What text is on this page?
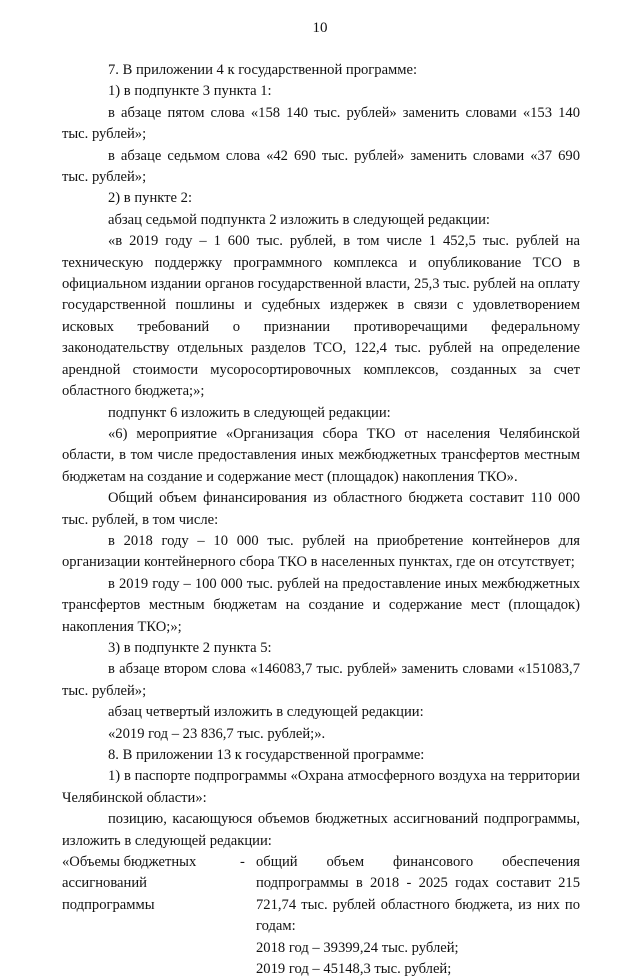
10

7. В приложении 4 к государственной программе:

1) в подпункте 3 пункта 1:

в абзаце пятом слова «158 140 тыс. рублей» заменить словами «153 140 тыс. рублей»;

в абзаце седьмом слова «42 690 тыс. рублей» заменить словами «37 690 тыс. рублей»;

2) в пункте 2:

абзац седьмой подпункта 2 изложить в следующей редакции:

«в 2019 году – 1 600 тыс. рублей, в том числе 1 452,5 тыс. рублей на техническую поддержку программного комплекса и опубликование ТСО в официальном издании органов государственной власти, 25,3 тыс. рублей на оплату государственной пошлины и судебных издержек в связи с удовлетворением исковых требований о признании противоречащими федеральному законодательству отдельных разделов ТСО, 122,4 тыс. рублей на определение арендной стоимости мусоросортировочных комплексов, созданных за счет областного бюджета;»;

подпункт 6 изложить в следующей редакции:

«6) мероприятие «Организация сбора ТКО от населения Челябинской области, в том числе предоставления иных межбюджетных трансфертов местным бюджетам на создание и содержание мест (площадок) накопления ТКО».

Общий объем финансирования из областного бюджета составит 110 000 тыс. рублей, в том числе:

в 2018 году – 10 000 тыс. рублей на приобретение контейнеров для организации контейнерного сбора ТКО в населенных пунктах, где он отсутствует;

в 2019 году – 100 000 тыс. рублей на предоставление иных межбюджетных трансфертов местным бюджетам на создание и содержание мест (площадок) накопления ТКО;»;

3) в подпункте 2 пункта 5:

в абзаце втором слова «146083,7 тыс. рублей» заменить словами «151083,7 тыс. рублей»;

абзац четвертый изложить в следующей редакции:

«2019 год – 23 836,7 тыс. рублей;».

8. В приложении 13 к государственной программе:

1) в паспорте подпрограммы «Охрана атмосферного воздуха на территории Челябинской области»:

позицию, касающуюся объемов бюджетных ассигнований подпрограммы, изложить в следующей редакции:

«Объемы бюджетных ассигнований подпрограммы
- общий объем финансового обеспечения подпрограммы в 2018 - 2025 годах составит 215 721,74 тыс. рублей областного бюджета, из них по годам:

2018 год – 39399,24 тыс. рублей;

2019 год – 45148,3 тыс. рублей;
